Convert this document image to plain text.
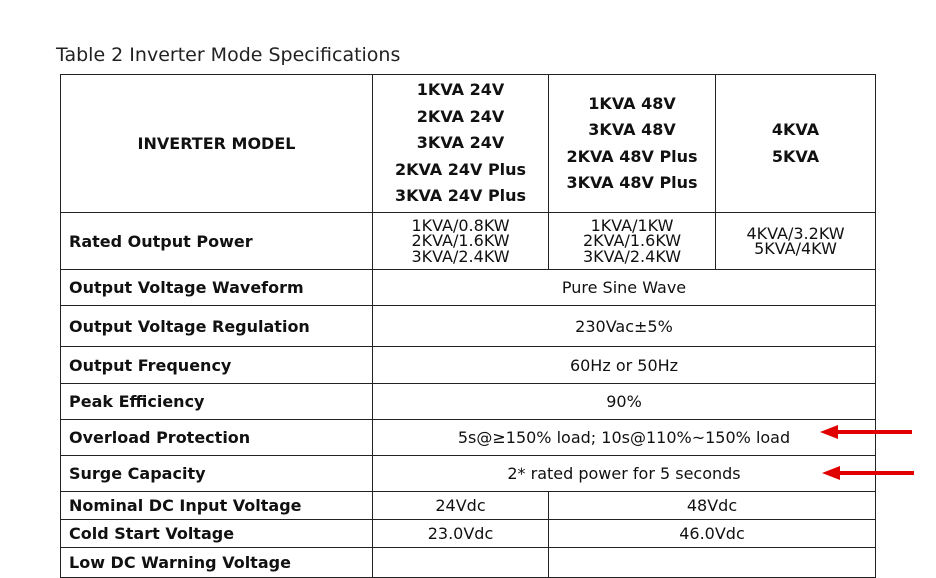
Table 2 Inverter Mode Specifications
INVERTER MODEL	1KVA 24V
2KVA 24V
3KVA 24V
2KVA 24V Plus
3KVA 24V Plus	1KVA 48V
3KVA 48V
2KVA 48V Plus
3KVA 48V Plus	4KVA
5KVA

Rated Output Power	1KVA/0.8KW
2KVA/1.6KW
3KVA/2.4KW	1KVA/1KW
2KVA/1.6KW
3KVA/2.4KW	4KVA/3.2KW
5KVA/4KW

Output Voltage Waveform	Pure Sine Wave		
Output Voltage Regulation	230Vac±5%		
Output Frequency	60Hz or 50Hz		
Peak Efficiency	90%		
Overload Protection	5s@≥150% load; 10s@110%~150% load		
Surge Capacity	2* rated power for 5 seconds		
Nominal DC Input Voltage	24Vdc	48Vdc	
Cold Start Voltage	23.0Vdc	46.0Vdc	
Low DC Warning Voltage			
